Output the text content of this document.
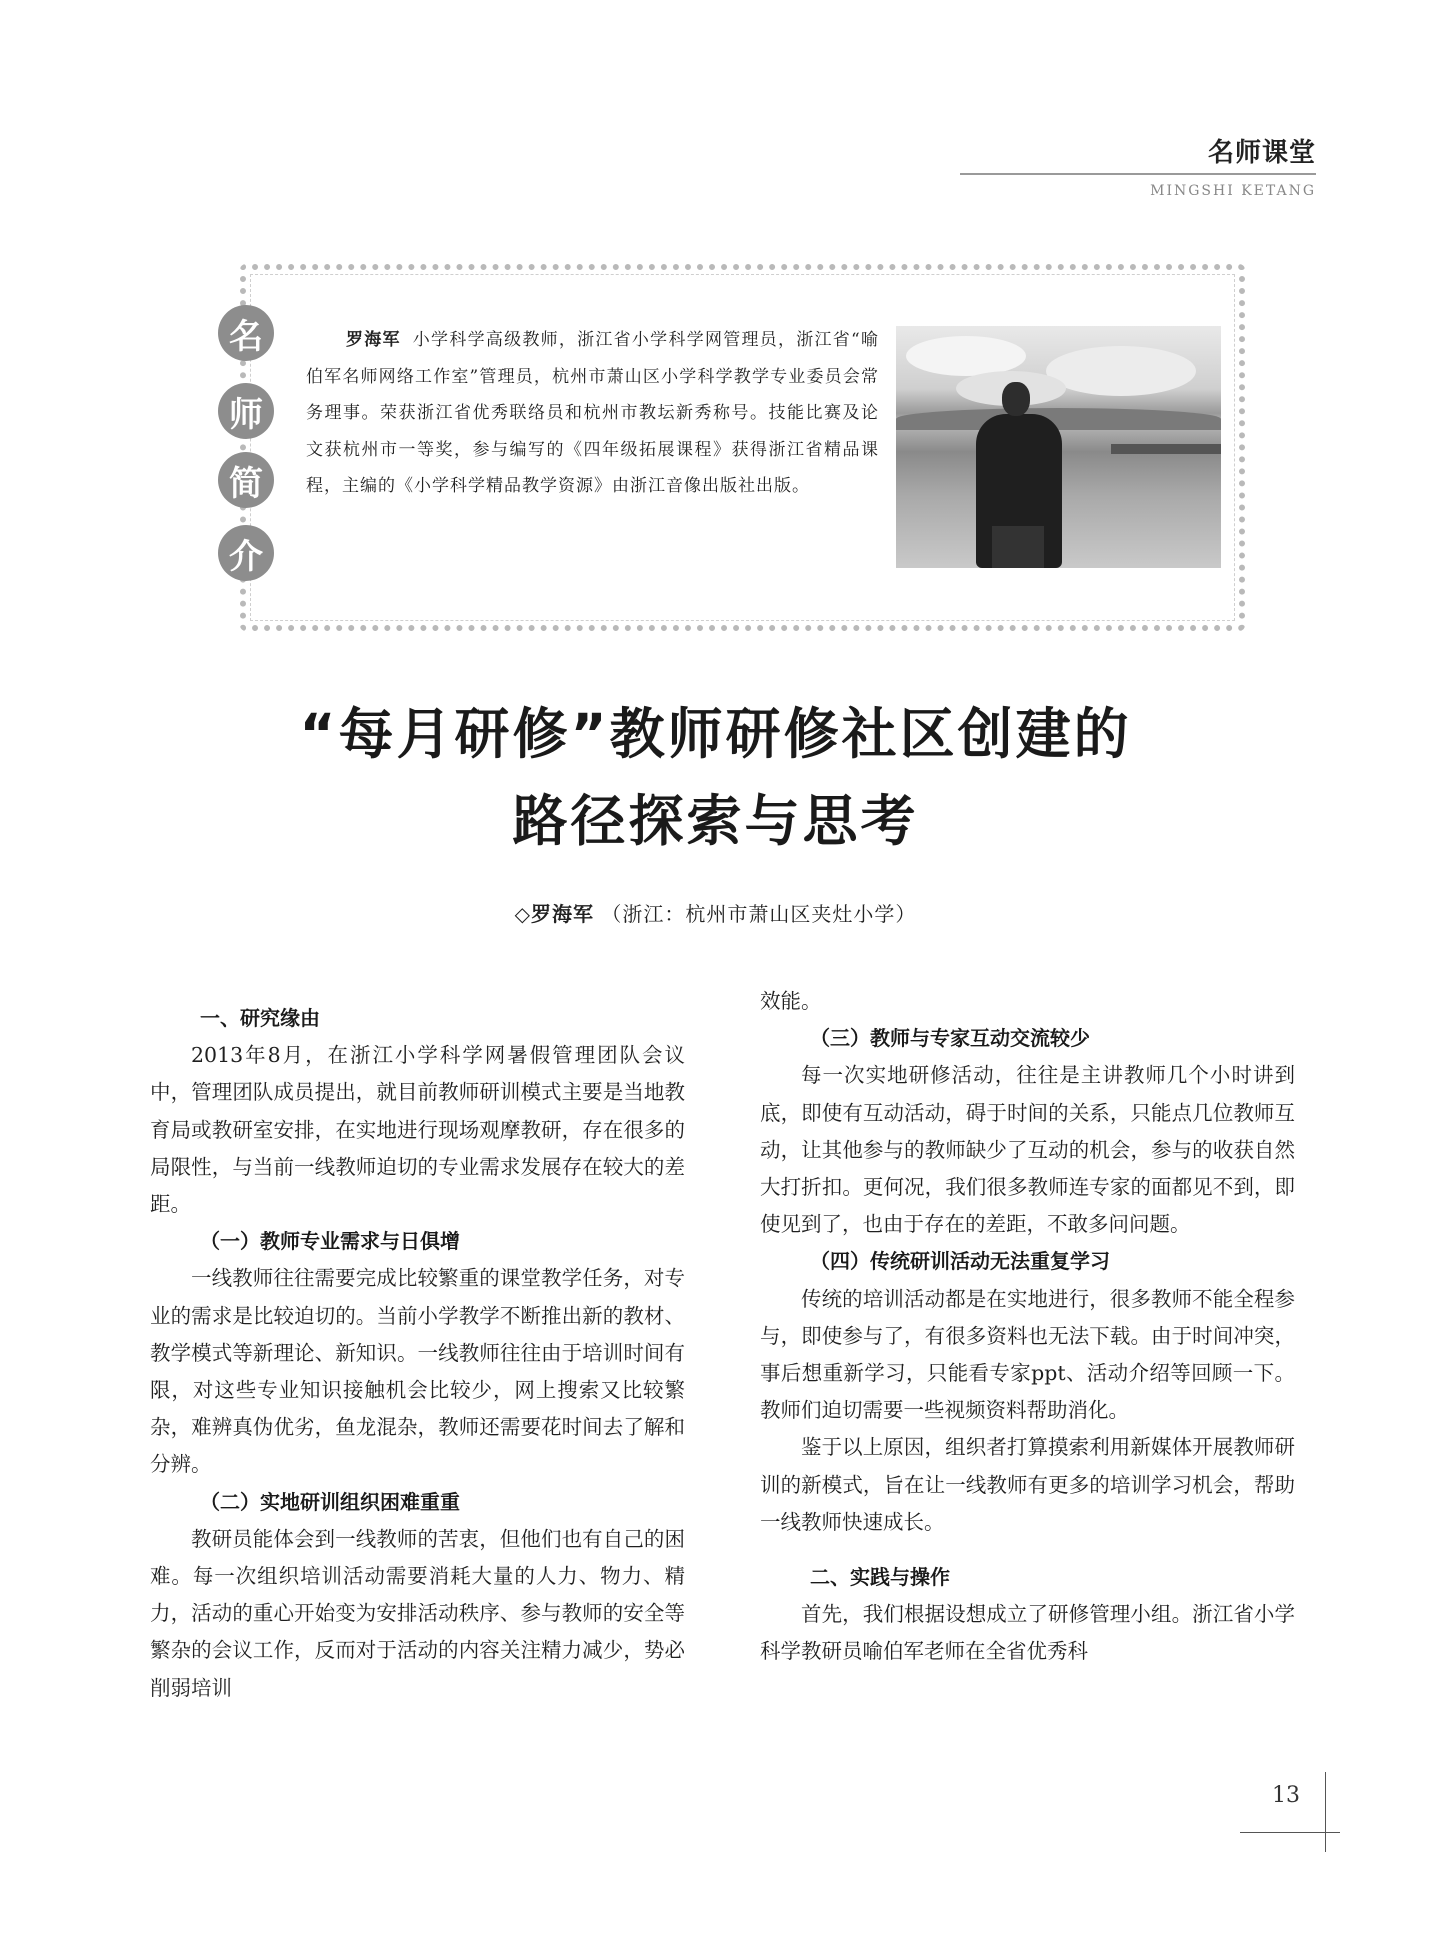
名师课堂
MINGSHI KETANG
名
师
简
介
罗海军 小学科学高级教师，浙江省小学科学网管理员，浙江省“喻伯军名师网络工作室”管理员，杭州市萧山区小学科学教学专业委员会常务理事。荣获浙江省优秀联络员和杭州市教坛新秀称号。技能比赛及论文获杭州市一等奖，参与编写的《四年级拓展课程》获得浙江省精品课程，主编的《小学科学精品教学资源》由浙江音像出版社出版。
“每月研修”教师研修社区创建的
路径探索与思考
◇罗海军 （浙江：杭州市萧山区夹灶小学）
一、研究缘由

2013年8月，在浙江小学科学网暑假管理团队会议中，管理团队成员提出，就目前教师研训模式主要是当地教育局或教研室安排，在实地进行现场观摩教研，存在很多的局限性，与当前一线教师迫切的专业需求发展存在较大的差距。

（一）教师专业需求与日俱增

一线教师往往需要完成比较繁重的课堂教学任务，对专业的需求是比较迫切的。当前小学教学不断推出新的教材、教学模式等新理论、新知识。一线教师往往由于培训时间有限，对这些专业知识接触机会比较少，网上搜索又比较繁杂，难辨真伪优劣，鱼龙混杂，教师还需要花时间去了解和分辨。

（二）实地研训组织困难重重

教研员能体会到一线教师的苦衷，但他们也有自己的困难。每一次组织培训活动需要消耗大量的人力、物力、精力，活动的重心开始变为安排活动秩序、参与教师的安全等繁杂的会议工作，反而对于活动的内容关注精力减少，势必削弱培训

效能。

（三）教师与专家互动交流较少

每一次实地研修活动，往往是主讲教师几个小时讲到底，即使有互动活动，碍于时间的关系，只能点几位教师互动，让其他参与的教师缺少了互动的机会，参与的收获自然大打折扣。更何况，我们很多教师连专家的面都见不到，即使见到了，也由于存在的差距，不敢多问问题。

（四）传统研训活动无法重复学习

传统的培训活动都是在实地进行，很多教师不能全程参与，即使参与了，有很多资料也无法下载。由于时间冲突，事后想重新学习，只能看专家ppt、活动介绍等回顾一下。教师们迫切需要一些视频资料帮助消化。

鉴于以上原因，组织者打算摸索利用新媒体开展教师研训的新模式，旨在让一线教师有更多的培训学习机会，帮助一线教师快速成长。

二、实践与操作

首先，我们根据设想成立了研修管理小组。浙江省小学科学教研员喻伯军老师在全省优秀科

13
